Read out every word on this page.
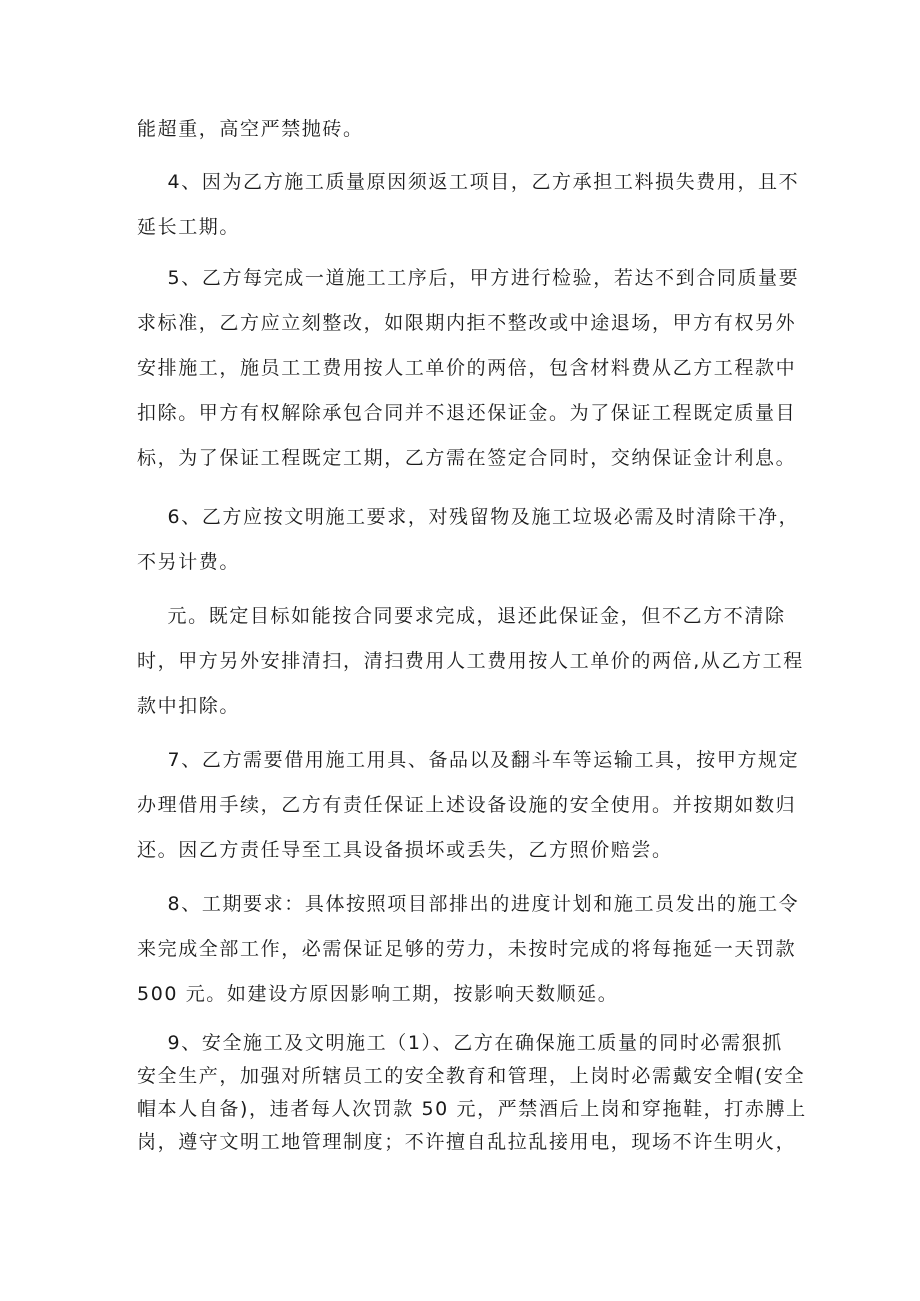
能超重，高空严禁抛砖。
4、因为乙方施工质量原因须返工项目，乙方承担工料损失费用，且不
延长工期。
5、乙方每完成一道施工工序后，甲方进行检验，若达不到合同质量要
求标准，乙方应立刻整改，如限期内拒不整改或中途退场，甲方有权另外
安排施工，施员工工费用按人工单价的两倍，包含材料费从乙方工程款中
扣除。甲方有权解除承包合同并不退还保证金。为了保证工程既定质量目
标，为了保证工程既定工期，乙方需在签定合同时，交纳保证金计利息。
6、乙方应按文明施工要求，对残留物及施工垃圾必需及时清除干净，
不另计费。
元。既定目标如能按合同要求完成，退还此保证金，但不乙方不清除
时，甲方另外安排清扫，清扫费用人工费用按人工单价的两倍,从乙方工程
款中扣除。
7、乙方需要借用施工用具、备品以及翻斗车等运输工具，按甲方规定
办理借用手续，乙方有责任保证上述设备设施的安全使用。并按期如数归
还。因乙方责任导至工具设备损坏或丢失，乙方照价赔尝。
8、工期要求：具体按照项目部排出的进度计划和施工员发出的施工令
来完成全部工作，必需保证足够的劳力，未按时完成的将每拖延一天罚款
500 元。如建设方原因影响工期，按影响天数顺延。
9、安全施工及文明施工（1）、乙方在确保施工质量的同时必需狠抓
安全生产，加强对所辖员工的安全教育和管理，上岗时必需戴安全帽(安全
帽本人自备)，违者每人次罚款 50 元，严禁酒后上岗和穿拖鞋，打赤膊上
岗，遵守文明工地管理制度；不许擅自乱拉乱接用电，现场不许生明火，
